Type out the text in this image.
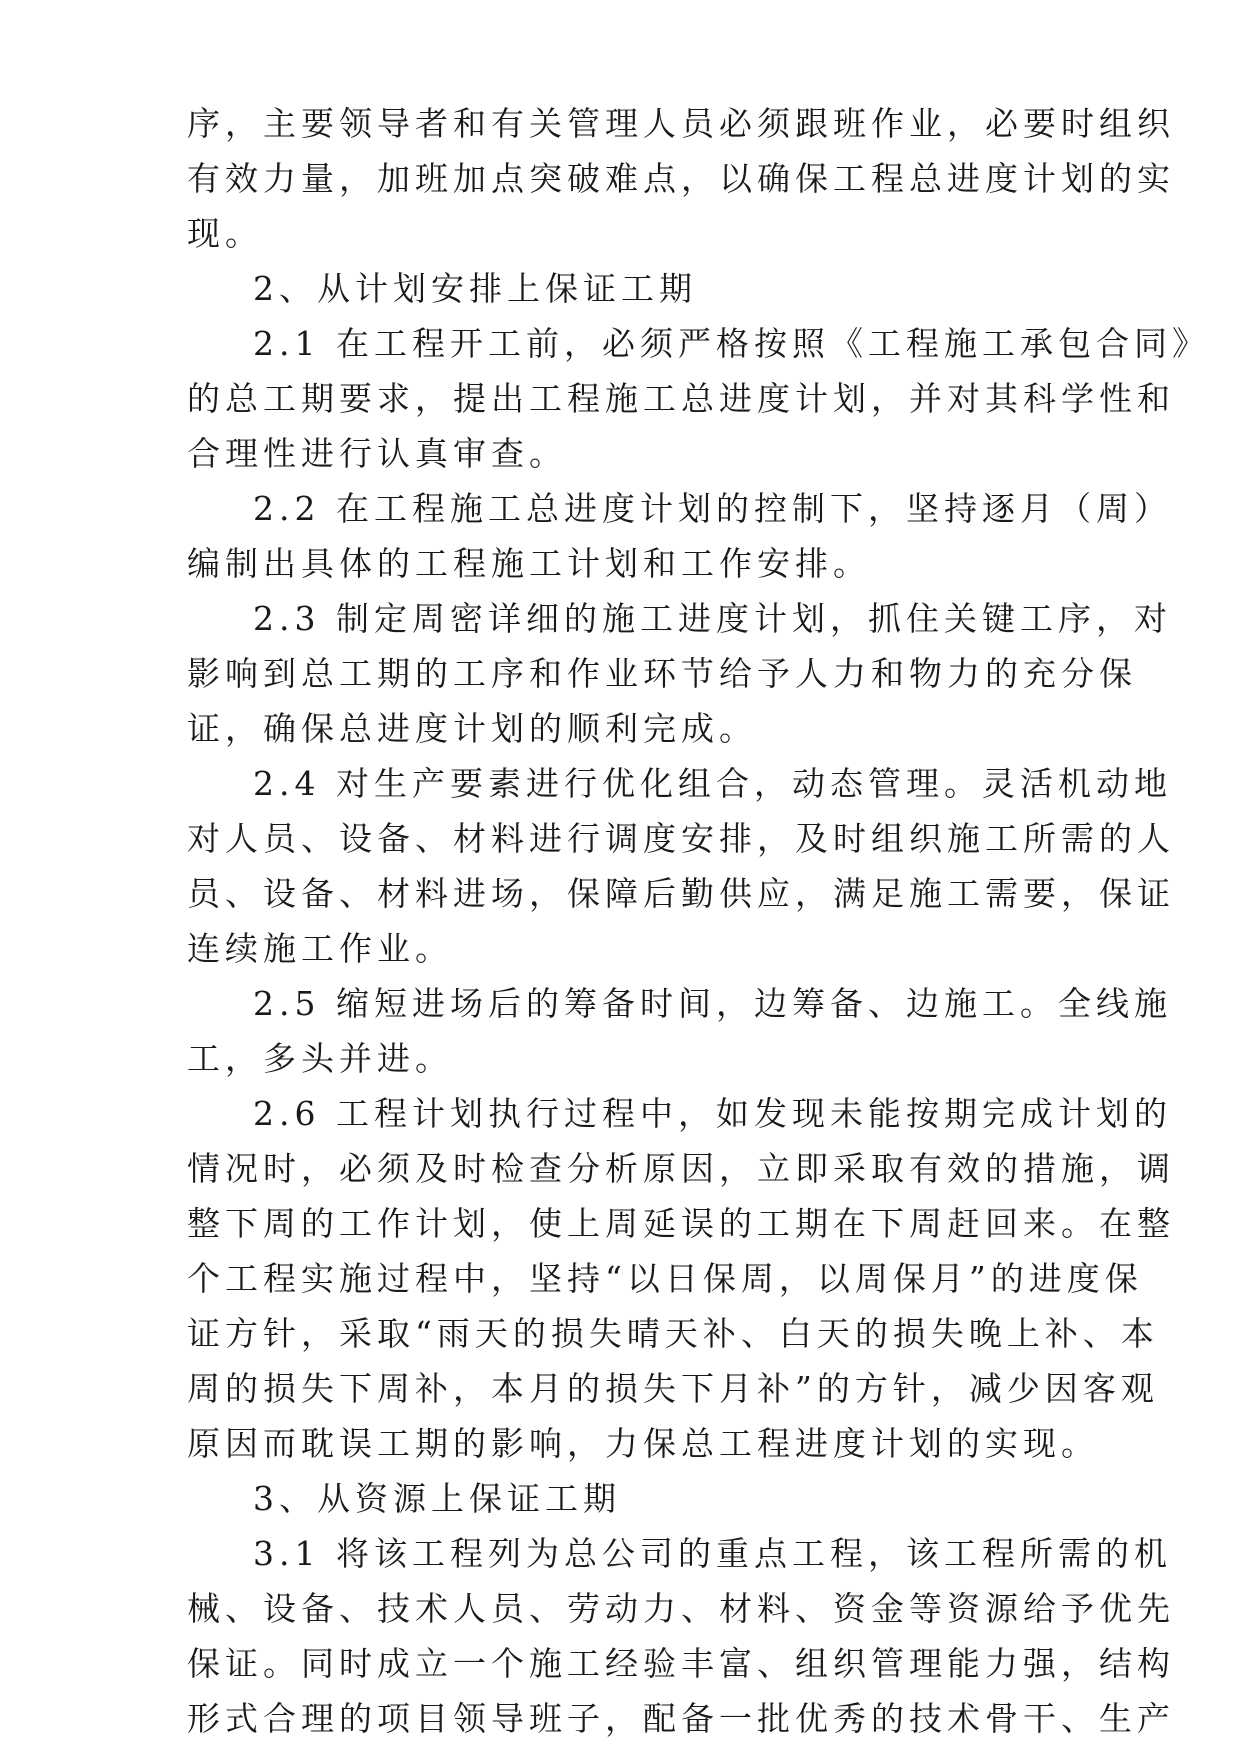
序，主要领导者和有关管理人员必须跟班作业，必要时组织
有效力量，加班加点突破难点，以确保工程总进度计划的实
现。
2、从计划安排上保证工期
2.1 在工程开工前，必须严格按照《工程施工承包合同》
的总工期要求，提出工程施工总进度计划，并对其科学性和
合理性进行认真审查。
2.2 在工程施工总进度计划的控制下，坚持逐月（周）
编制出具体的工程施工计划和工作安排。
2.3 制定周密详细的施工进度计划，抓住关键工序，对
影响到总工期的工序和作业环节给予人力和物力的充分保
证，确保总进度计划的顺利完成。
2.4 对生产要素进行优化组合，动态管理。灵活机动地
对人员、设备、材料进行调度安排，及时组织施工所需的人
员、设备、材料进场，保障后勤供应，满足施工需要，保证
连续施工作业。
2.5 缩短进场后的筹备时间，边筹备、边施工。全线施
工，多头并进。
2.6 工程计划执行过程中，如发现未能按期完成计划的
情况时，必须及时检查分析原因，立即采取有效的措施，调
整下周的工作计划，使上周延误的工期在下周赶回来。在整
个工程实施过程中，坚持“以日保周，以周保月”的进度保
证方针，采取“雨天的损失晴天补、白天的损失晚上补、本
周的损失下周补，本月的损失下月补”的方针，减少因客观
原因而耽误工期的影响，力保总工程进度计划的实现。
3、从资源上保证工期
3.1 将该工程列为总公司的重点工程，该工程所需的机
械、设备、技术人员、劳动力、材料、资金等资源给予优先
保证。同时成立一个施工经验丰富、组织管理能力强，结构
形式合理的项目领导班子，配备一批优秀的技术骨干、生产
